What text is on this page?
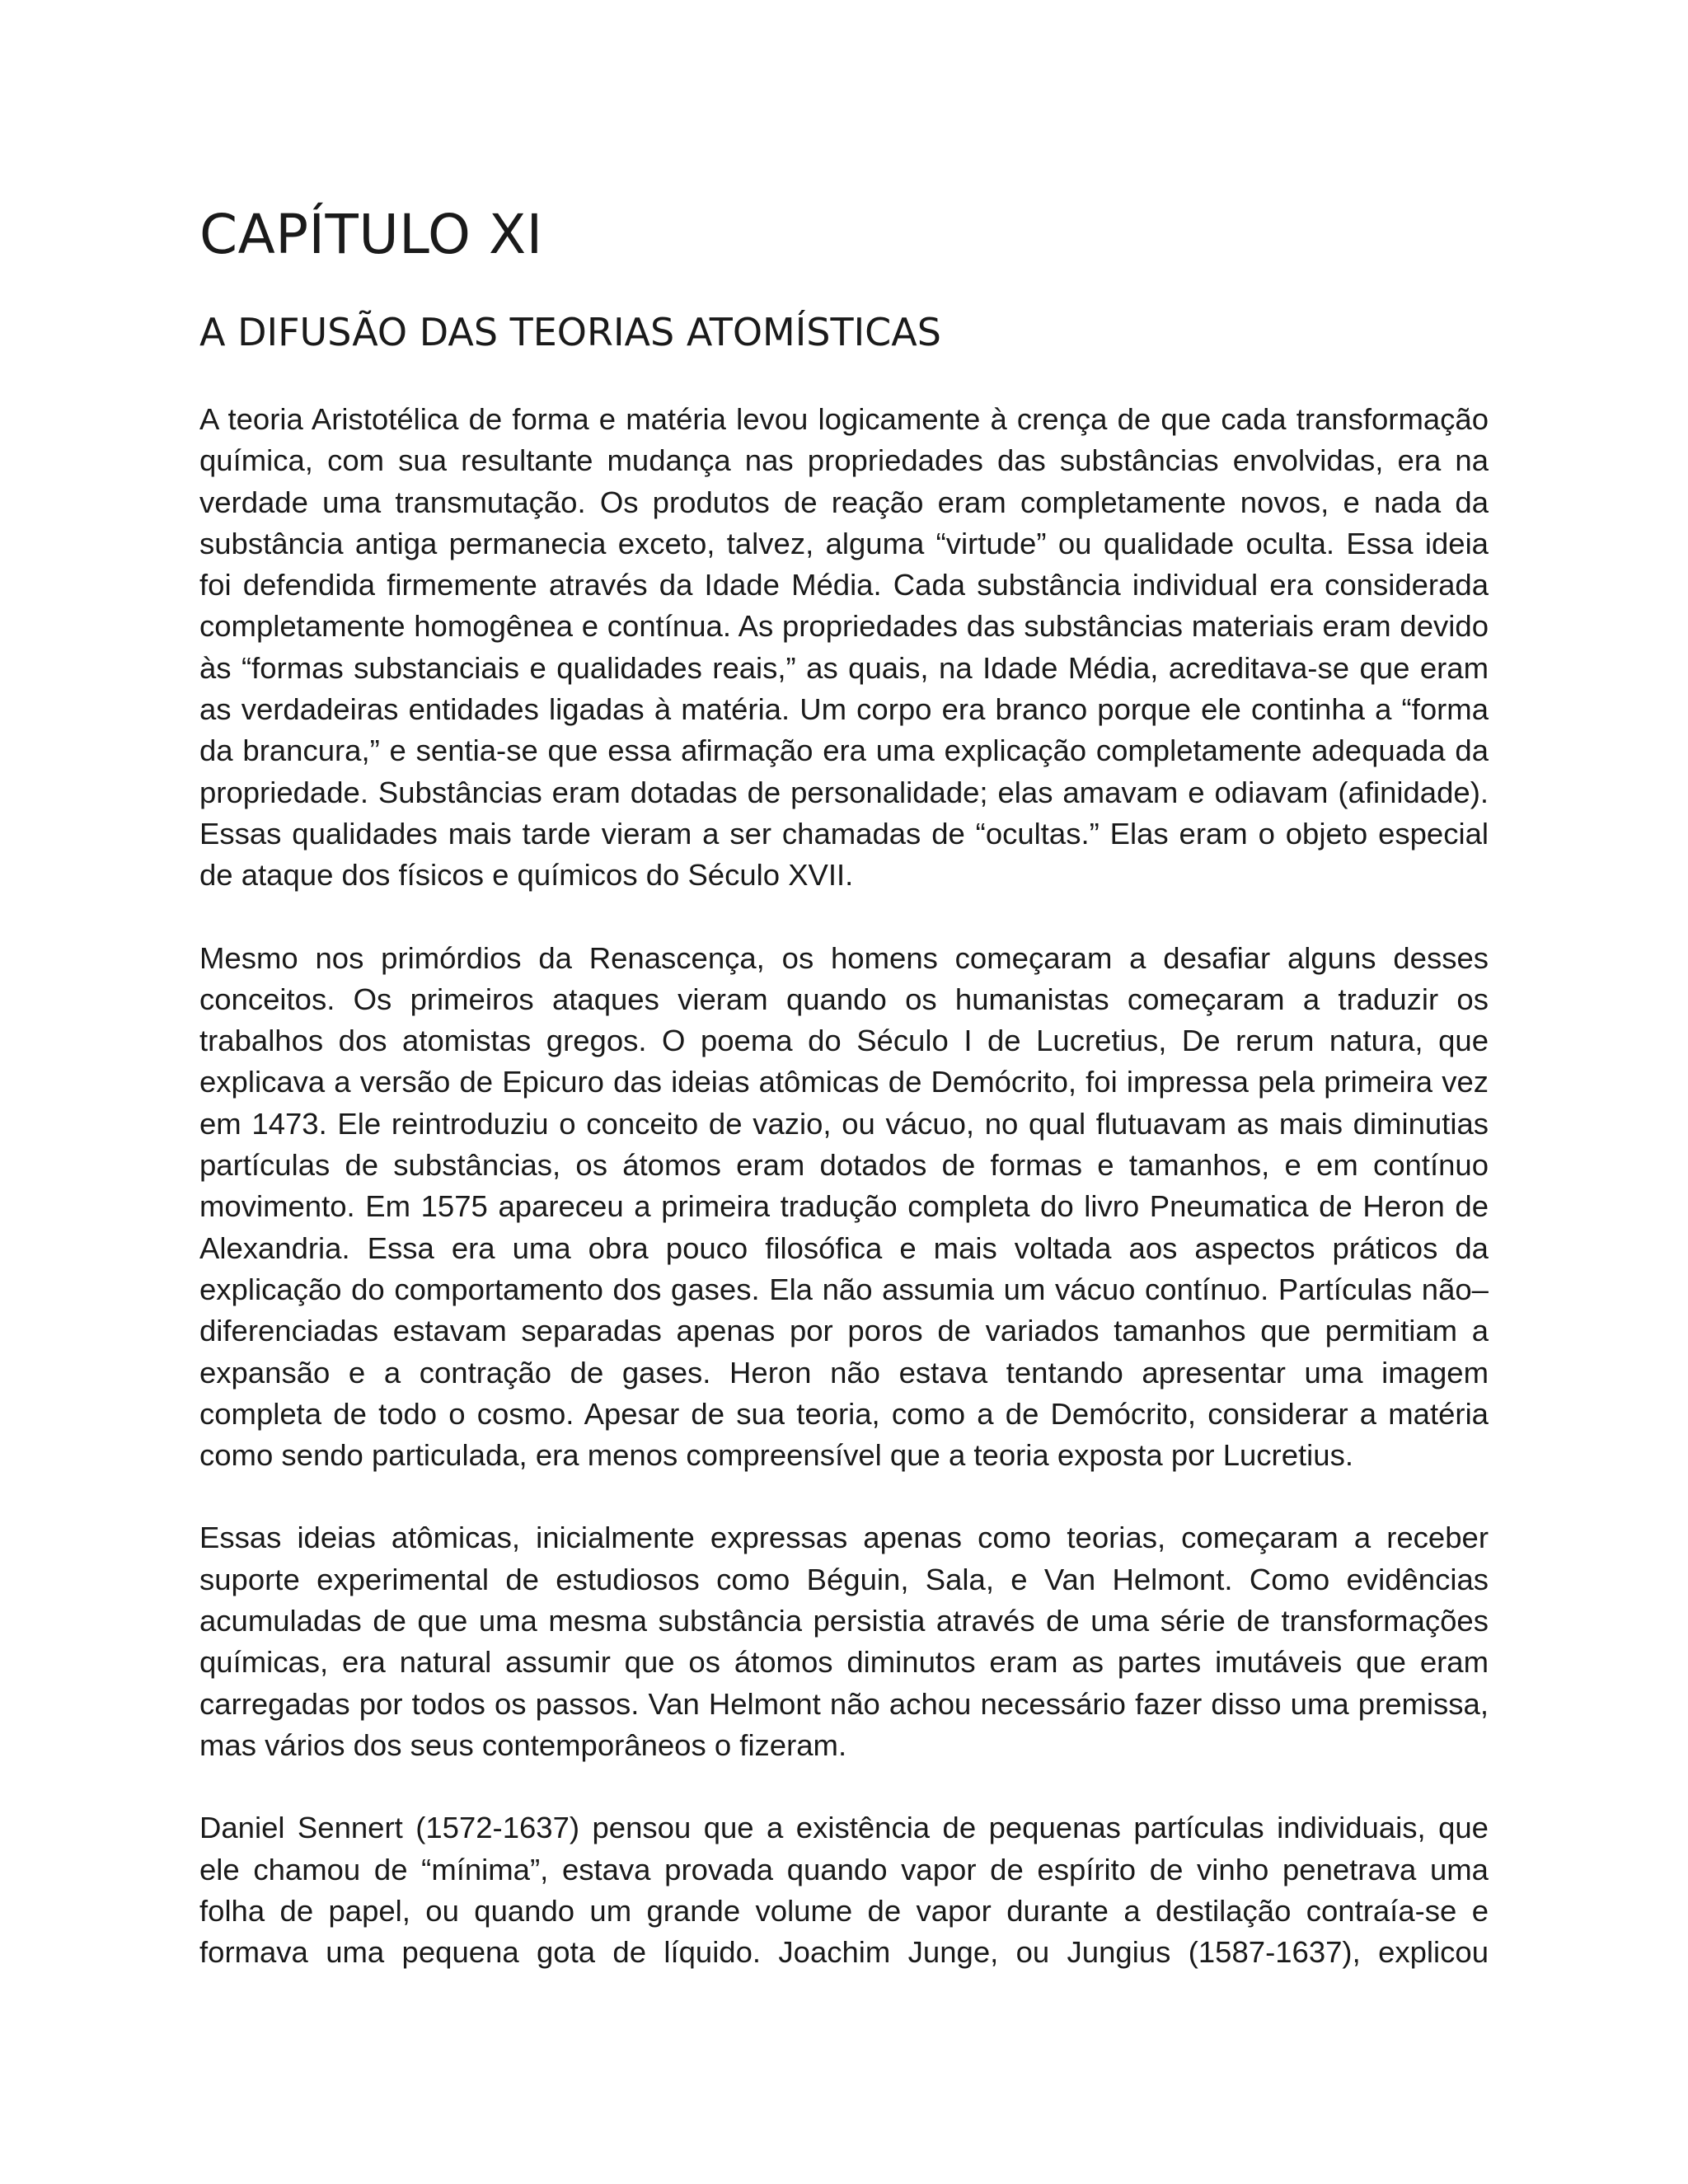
CAPÍTULO XI
A DIFUSÃO DAS TEORIAS ATOMÍSTICAS

A teoria Aristotélica de forma e matéria levou logicamente à crença de que cada transformação química, com sua resultante mudança nas propriedades das substâncias envolvidas, era na verdade uma transmutação. Os produtos de reação eram completamente novos, e nada da substância antiga permanecia exceto, talvez, alguma “virtude” ou qualidade oculta. Essa ideia foi defendida firmemente através da Idade Média. Cada substância individual era considerada completamente homogênea e contínua. As propriedades das substâncias materiais eram devido às “formas substanciais e qualidades reais,” as quais, na Idade Média, acreditava-se que eram as verdadeiras entidades ligadas à matéria. Um corpo era branco porque ele continha a “forma da brancura,” e sentia-se que essa afirmação era uma explicação completamente adequada da propriedade. Substâncias eram dotadas de personalidade; elas amavam e odiavam (afinidade). Essas qualidades mais tarde vieram a ser chamadas de “ocultas.” Elas eram o objeto especial de ataque dos físicos e químicos do Século XVII.

Mesmo nos primórdios da Renascença, os homens começaram a desafiar alguns desses conceitos. Os primeiros ataques vieram quando os humanistas começaram a traduzir os trabalhos dos atomistas gregos. O poema do Século I de Lucretius, De rerum natura, que explicava a versão de Epicuro das ideias atômicas de Demócrito, foi impressa pela primeira vez em 1473. Ele reintroduziu o conceito de vazio, ou vácuo, no qual flutuavam as mais diminutias partículas de substâncias, os átomos eram dotados de formas e tamanhos, e em contínuo movimento. Em 1575 apareceu a primeira tradução completa do livro Pneumatica de Heron de Alexandria. Essa era uma obra pouco filosófica e mais voltada aos aspectos práticos da explicação do comportamento dos gases. Ela não assumia um vácuo contínuo. Partículas não–diferenciadas estavam separadas apenas por poros de variados tamanhos que permitiam a expansão e a contração de gases. Heron não estava tentando apresentar uma imagem completa de todo o cosmo. Apesar de sua teoria, como a de Demócrito, considerar a matéria como sendo particulada, era menos compreensível que a teoria exposta por Lucretius.

Essas ideias atômicas, inicialmente expressas apenas como teorias, começaram a receber suporte experimental de estudiosos como Béguin, Sala, e Van Helmont. Como evidências acumuladas de que uma mesma substância persistia através de uma série de transformações químicas, era natural assumir que os átomos diminutos eram as partes imutáveis que eram carregadas por todos os passos. Van Helmont não achou necessário fazer disso uma premissa, mas vários dos seus contemporâneos o fizeram.

Daniel Sennert (1572-1637) pensou que a existência de pequenas partículas individuais, que ele chamou de “mínima”, estava provada quando vapor de espírito de vinho penetrava uma folha de papel, ou quando um grande volume de vapor durante a destilação contraía-se e formava uma pequena gota de líquido. Joachim Junge, ou Jungius (1587-1637), explicou
